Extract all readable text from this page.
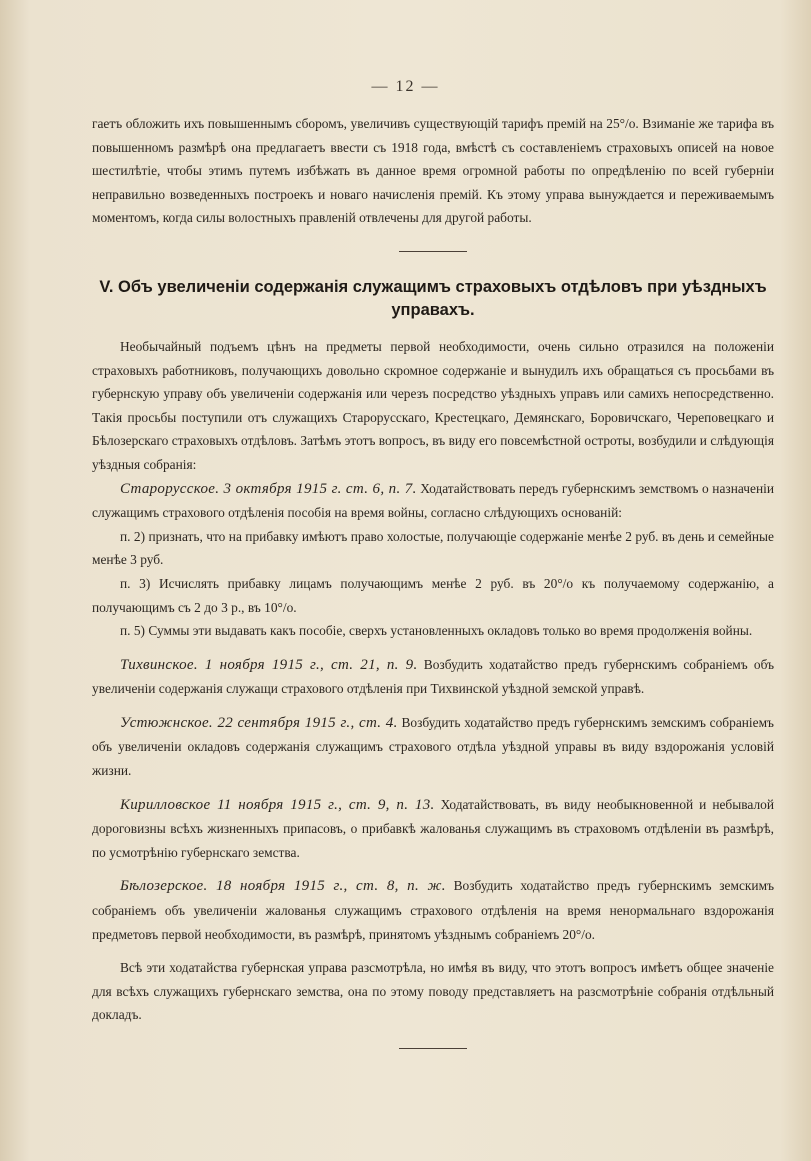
— 12 —

гаетъ обложить ихъ повышеннымъ сборомъ, увеличивъ существующій тарифъ премій на 25°/о. Взиманіе же тарифа въ повышенномъ размѣрѣ она предлагаетъ ввести съ 1918 года, вмѣстѣ съ составленіемъ страховыхъ описей на новое шестилѣтіе, чтобы этимъ путемъ избѣжать въ данное время огромной работы по опредѣленію по всей губерніи неправильно возведенныхъ построекъ и новаго начисленія премій. Къ этому управа вынуждается и переживаемымъ моментомъ, когда силы волостныхъ правленій отвлечены для другой работы.

V. Объ увеличеніи содержанія служащимъ страховыхъ отдѣловъ при уѣздныхъ управахъ.

Необычайный подъемъ цѣнъ на предметы первой необходимости, очень сильно отразился на положеніи страховыхъ работниковъ, получающихъ довольно скромное содержаніе и вынудилъ ихъ обращаться съ просьбами въ губернскую управу объ увеличеніи содержанія или черезъ посредство уѣздныхъ управъ или самихъ непосредственно. Такія просьбы поступили отъ служащихъ Старорусскаго, Крестецкаго, Демянскаго, Боровичскаго, Череповецкаго и Бѣлозерскаго страховыхъ отдѣловъ. Затѣмъ этотъ вопросъ, въ виду его повсемѣстной остроты, возбудили и слѣдующія уѣздныя собранія:

Старорусское. 3 октября 1915 г. ст. 6, п. 7. Ходатайствовать передъ губернскимъ земствомъ о назначеніи служащимъ страхового отдѣленія пособія на время войны, согласно слѣдующихъ основаній:

п. 2) признать, что на прибавку имѣютъ право холостые, получающіе содержаніе менѣе 2 руб. въ день и семейные менѣе 3 руб.

п. 3) Исчислять прибавку лицамъ получающимъ менѣе 2 руб. въ 20°/о къ получаемому содержанію, а получающимъ съ 2 до 3 р., въ 10°/о.

п. 5) Суммы эти выдавать какъ пособіе, сверхъ установленныхъ окладовъ только во время продолженія войны.

Тихвинское. 1 ноября 1915 г., ст. 21, п. 9. Возбудить ходатайство предъ губернскимъ собраніемъ объ увеличеніи содержанія служащи страхового отдѣленія при Тихвинской уѣздной земской управѣ.

Устюжнское. 22 сентября 1915 г., ст. 4. Возбудить ходатайство предъ губернскимъ земскимъ собраніемъ объ увеличеніи окладовъ содержанія служащимъ страхового отдѣла уѣздной управы въ виду вздорожанія условій жизни.

Кирилловское 11 ноября 1915 г., ст. 9, п. 13. Ходатайствовать, въ виду необыкновенной и небывалой дороговизны всѣхъ жизненныхъ припасовъ, о прибавкѣ жалованья служащимъ въ страховомъ отдѣленіи въ размѣрѣ, по усмотрѣнію губернскаго земства.

Бѣлозерское. 18 ноября 1915 г., ст. 8, п. ж. Возбудить ходатайство предъ губернскимъ земскимъ собраніемъ объ увеличеніи жалованья служащимъ страхового отдѣленія на время ненормальнаго вздорожанія предметовъ первой необходимости, въ размѣрѣ, принятомъ уѣзднымъ собраніемъ 20°/о.

Всѣ эти ходатайства губернская управа разсмотрѣла, но имѣя въ виду, что этотъ вопросъ имѣетъ общее значеніе для всѣхъ служащихъ губернскаго земства, она по этому поводу представляетъ на разсмотрѣніе собранія отдѣльный докладъ.
